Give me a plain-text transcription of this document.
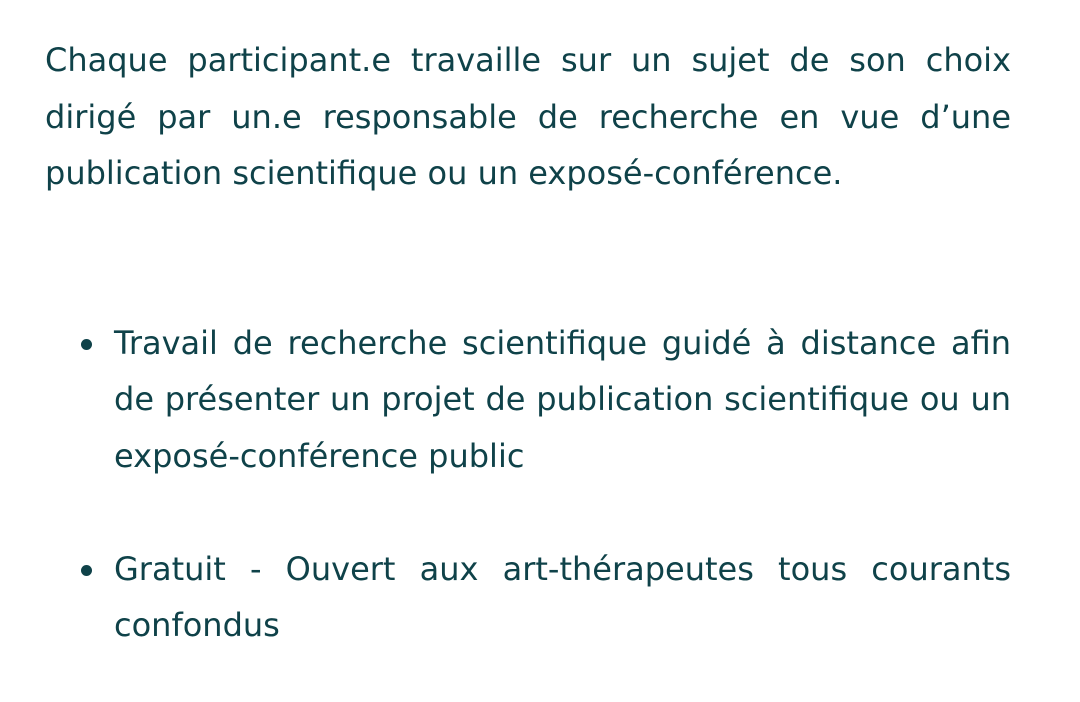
Chaque participant.e travaille sur un sujet de son choix dirigé par un.e responsable de recherche en vue d’une publication scientifique ou un exposé-conférence.

Travail de recherche scientifique guidé à distance afin de présenter un projet de publication scientifique ou un exposé-conférence public
Gratuit - Ouvert aux art-thérapeutes tous courants confondus
